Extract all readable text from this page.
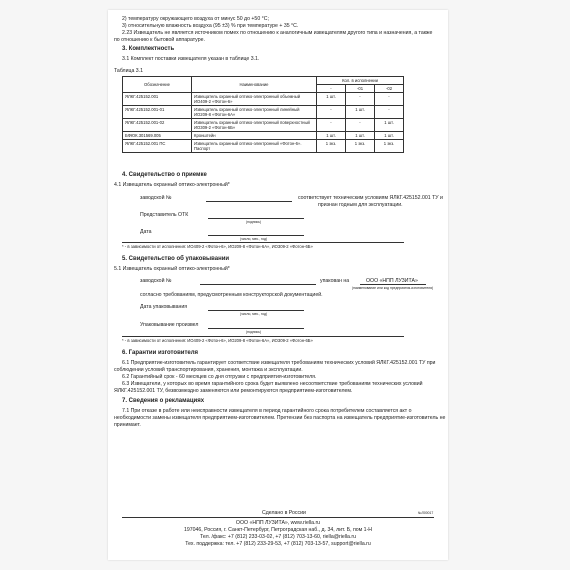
2) температуру окружающего воздуха от минус 50 до +50 °С;
3) относительную влажность воздуха (95 ±3) % при температуре + 35 °С.
2.23 Извещатель не является источником помех по отношению к аналогичным извещателям другого типа и назначения, а также
по отношению к бытовой аппаратуре.
3. Комплектность
3.1 Комплект поставки извещателя указан в таблице 3.1.
Таблица 3.1
Обозначение	Наименование	Кол. в исполнении		
		-	-01	-02
ЯЛКГ.425152.001	Извещатель охранный оптико-электронный объемный ИО409-2 «Фотон-6»	1 шт.	-	-
ЯЛКГ.425152.001-01	Извещатель охранный оптико-электронный линейный ИО209-8 «Фотон-6А»	-	1 шт.	-
ЯЛКГ.425152.001-02	Извещатель охранный оптико-электронный поверхностный ИО309-2 «Фотон-6Б»	-	-	1 шт.
БФЮК.301569.005	Кронштейн	1 шт.	1 шт.	1 шт.
ЯЛКГ.425152.001 ПС	Извещатель охранный оптико-электронный «Фотон-6». Паспорт	1 экз.	1 экз.	1 экз.
4. Свидетельство о приемке
4.1 Извещатель охранный оптико-электронный*
заводской №	соответствует техническим условиям ЯЛКГ.425152.001 ТУ и
признан годным для эксплуатации.
Представитель ОТК
(подпись)
Дата
(число, мес., год)
* - в зависимости от исполнения: ИО409-2 «Фотон-6», ИО209-8 «Фотон-6А», ИО309-2 «Фотон-6Б»
5. Свидетельство об упаковывании
5.1 Извещатель охранный оптико-электронный*
заводской №	упакован на	ООО «НПП ЛУЗИТА»
(наименование или код предприятия-изготовителя)
согласно требованиям, предусмотренным конструкторской документацией.
Дата упаковывания
(число, мес., год)
Упаковывание произвел
(подпись)
* - в зависимости от исполнения: ИО409-2 «Фотон-6», ИО209-8 «Фотон-6А», ИО309-2 «Фотон-6Б»
6. Гарантии изготовителя
6.1 Предприятие-изготовитель гарантирует соответствие извещателя требованиям технических условий ЯЛКГ.425152.001 ТУ при
соблюдении условий транспортирования, хранения, монтажа и эксплуатации.
6.2 Гарантийный срок - 60 месяцев со дня отгрузки с предприятия-изготовителя.
6.3 Извещатели, у которых во время гарантийного срока будет выявлено несоответствие требованиям технических условий
ЯЛКГ.425152.001 ТУ, безвозмездно заменяются или ремонтируются предприятием-изготовителем.
7. Сведения о рекламациях
7.1 При отказе в работе или неисправности извещателя в период гарантийного срока потребителем составляется акт о
необходимости замены извещателя предприятием-изготовителем. Претензии без паспорта на извещатель предприятие-изготовитель не
принимает.
Сделано в России	№Л00017
ООО «НПП ЛУЗИТА», www.riella.ru
197046, Россия, г. Санкт-Петербург, Петроградская наб., д. 34, лит. Б, пом 1-Н
Тел. /факс: +7 (812) 233-03-02, +7 (812) 703-13-60, riella@riella.ru
Тех. поддержка: тел. +7 (812) 233-29-53, +7 (812) 703-13-57, support@riella.ru
